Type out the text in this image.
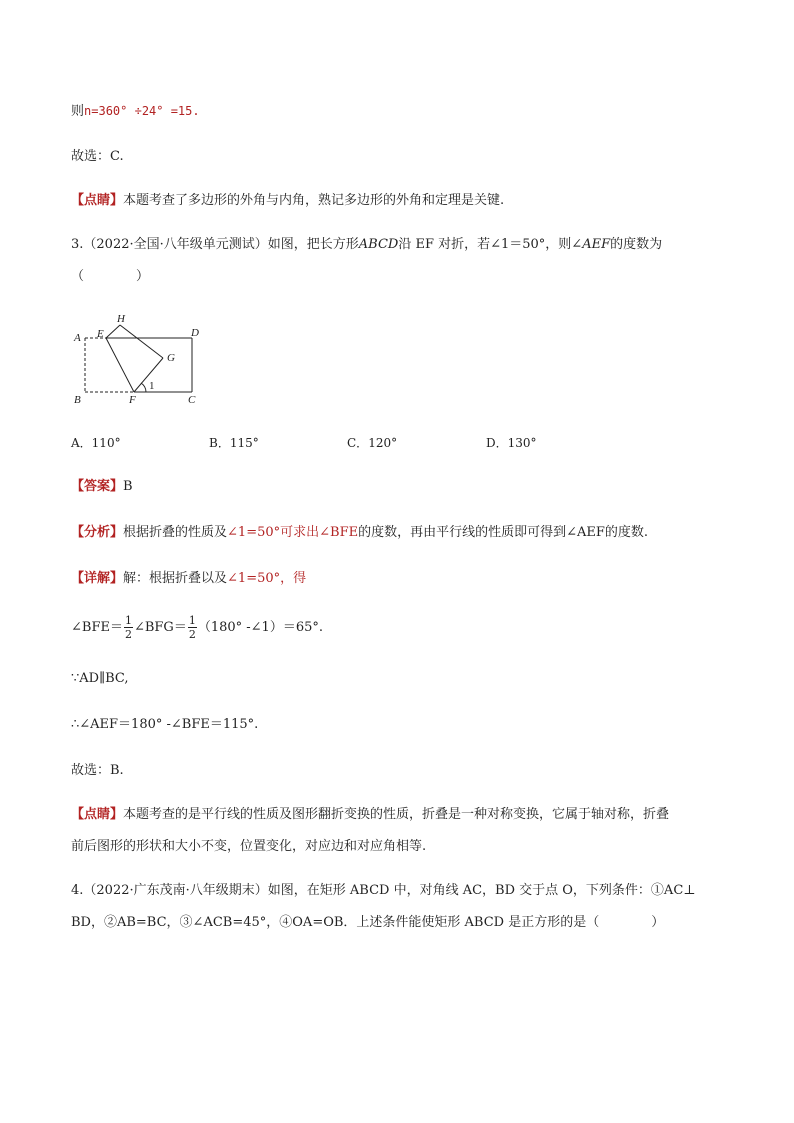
则n=360° ÷24° =15.
故选：C.
【点睛】本题考查了多边形的外角与内角，熟记多边形的外角和定理是关键.
3.（2022·全国·八年级单元测试）如图，把长方形ABCD沿 EF 对折，若∠1＝50°，则∠AEF的度数为
（　　　　）
A E
H
D
G
1
B	F	C
A．110°	B．115°	C．120°	D．130°
【答案】B
【分析】根据折叠的性质及∠1=50°可求出∠BFE的度数，再由平行线的性质即可得到∠AEF的度数.
【详解】解：根据折叠以及∠1=50°，得
∠BFE＝ $\frac{1}{2}$ ∠BFG＝ $\frac{1}{2} (180^\circ$ -∠1）＝65°.
∵AD∥BC,
∴∠AEF＝180° -∠BFE＝115°.
故选：B.
【点睛】本题考查的是平行线的性质及图形翻折变换的性质，折叠是一种对称变换，它属于轴对称，折叠
前后图形的形状和大小不变，位置变化，对应边和对应角相等.
4.（2022·广东茂南·八年级期末）如图，在矩形 ABCD 中，对角线 AC，BD 交于点 O，下列条件：①AC⊥
BD，②AB=BC，③∠ACB=45°，④OA=OB．上述条件能使矩形 ABCD 是正方形的是（　　　　）
